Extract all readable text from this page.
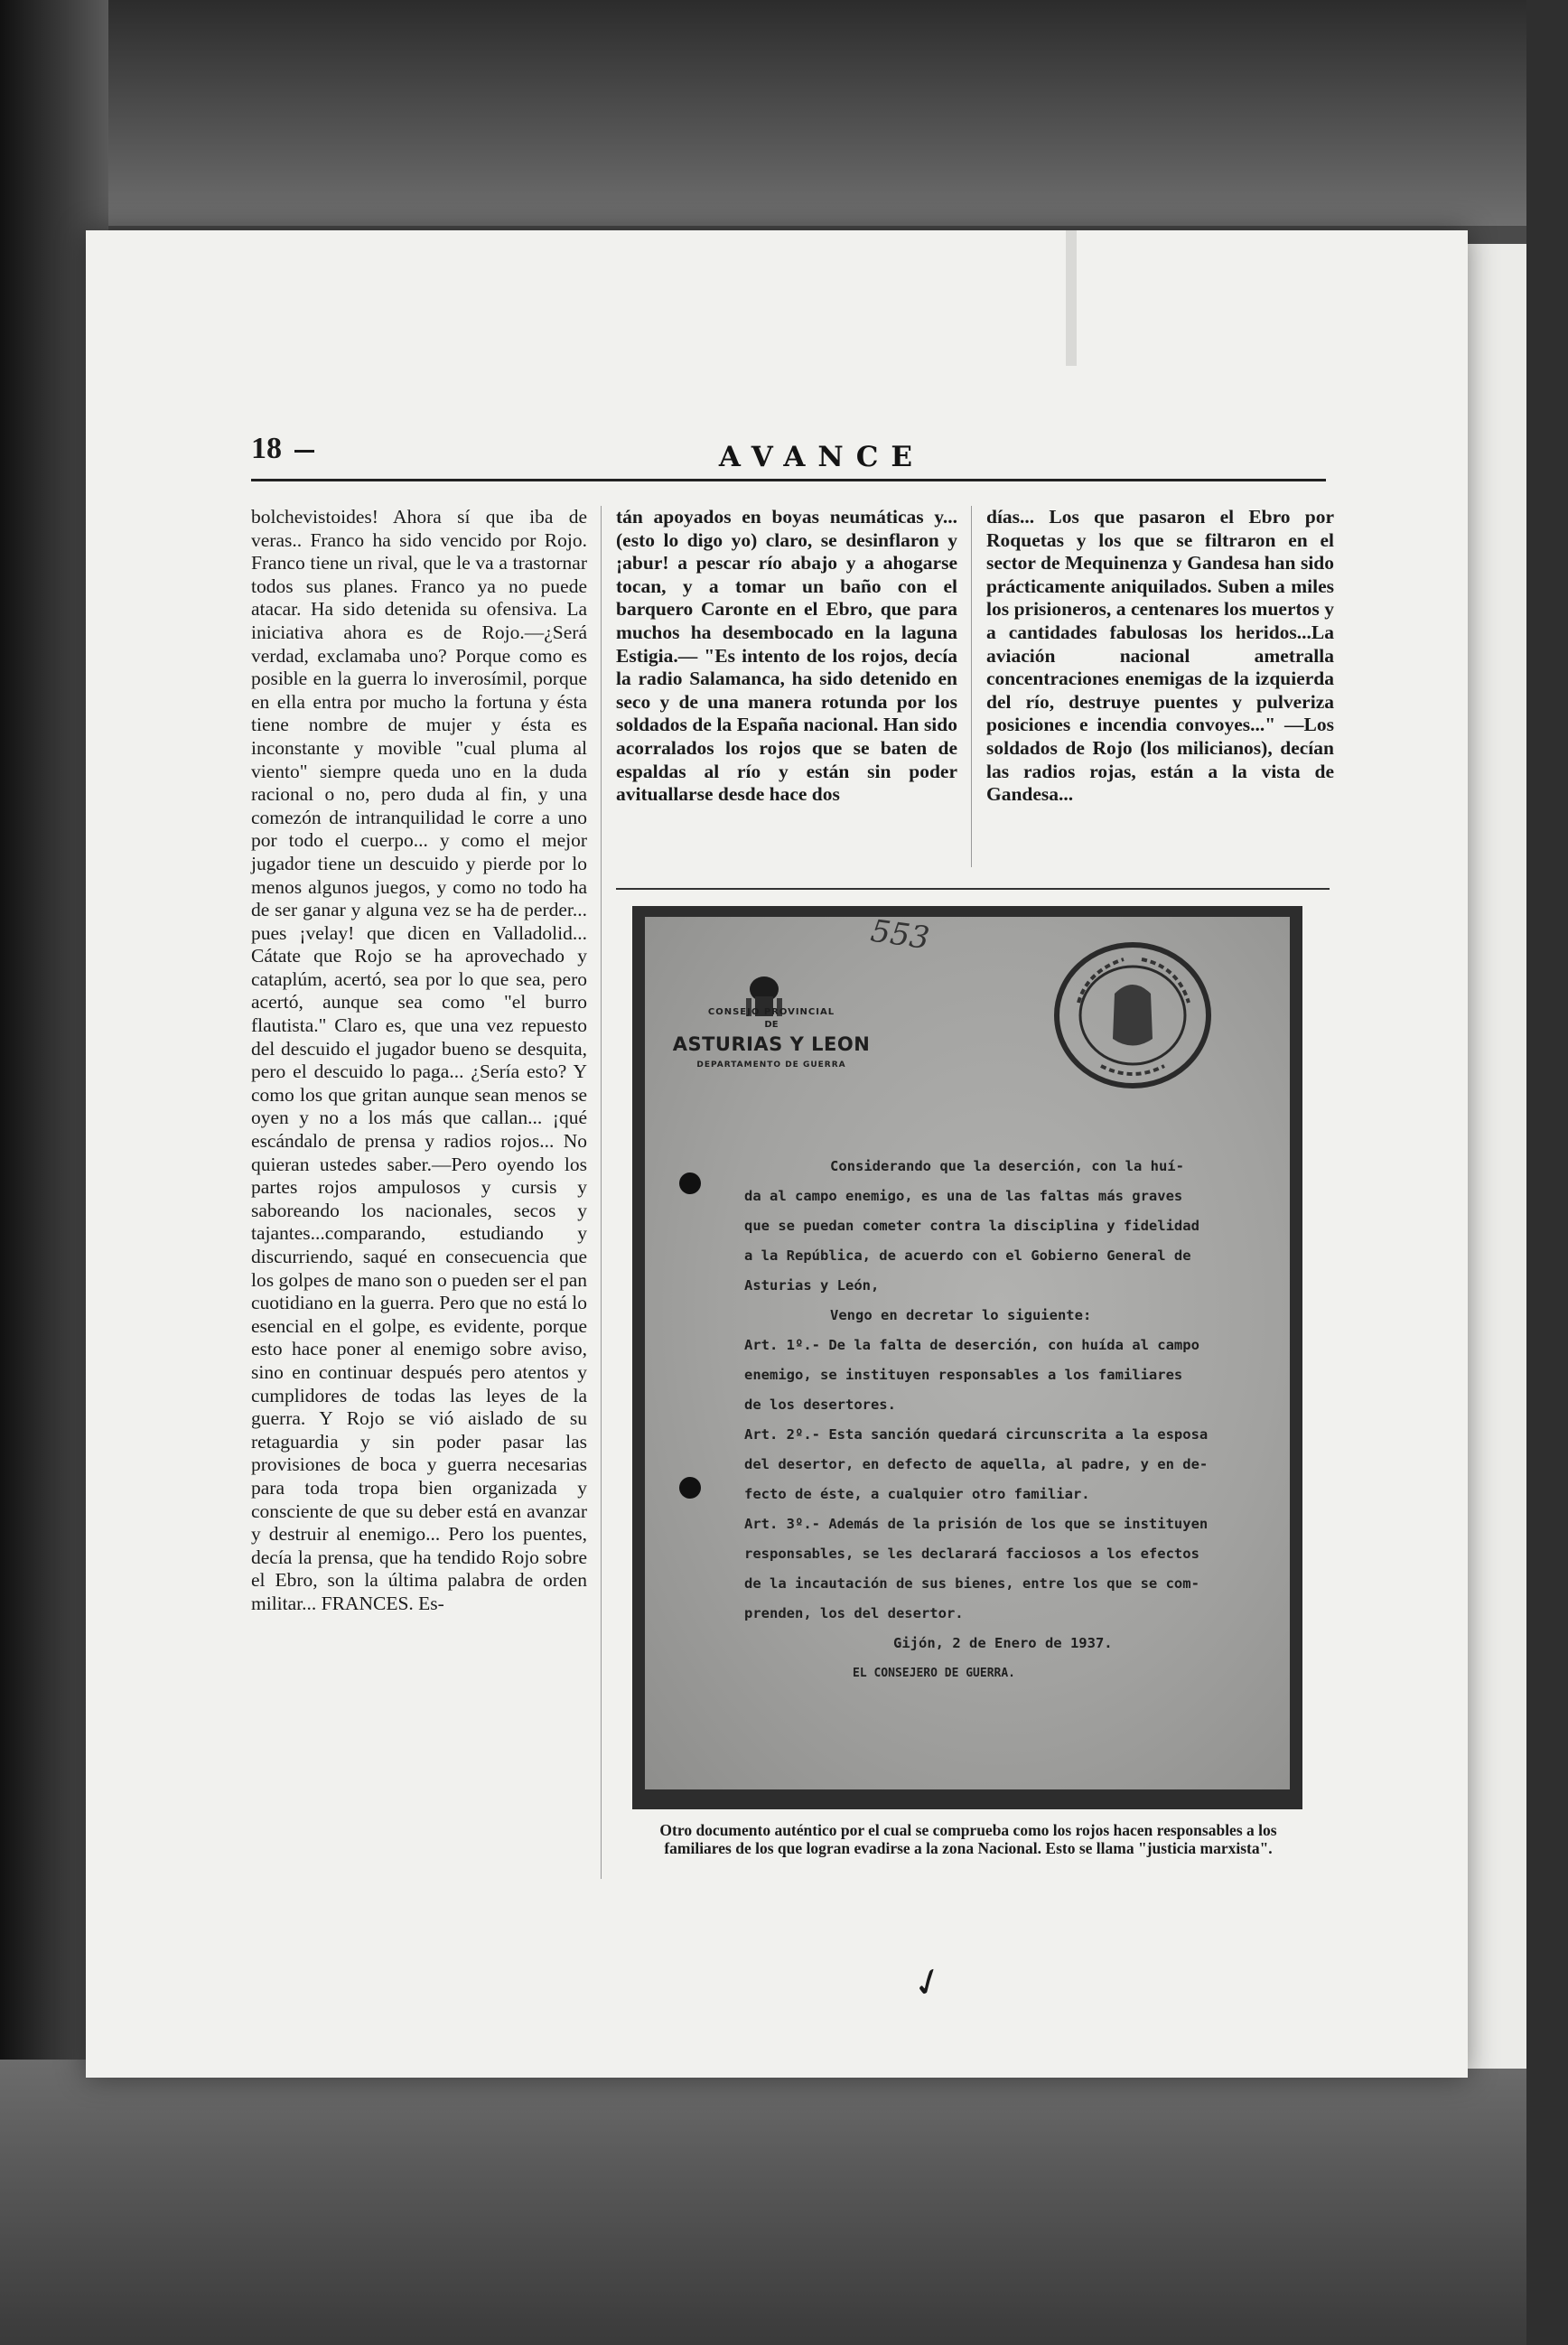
18	AVANCE

bolchevistoides! Ahora sí que iba de veras.. Franco ha sido vencido por Rojo. Franco tiene un rival, que le va a trastornar todos sus planes. Franco ya no puede atacar. Ha sido detenida su ofensiva. La iniciativa ahora es de Rojo.—¿Será verdad, exclamaba uno? Porque como es posible en la guerra lo inverosímil, porque en ella entra por mucho la fortuna y ésta tiene nombre de mujer y ésta es inconstante y movible "cual pluma al viento" siempre queda uno en la duda racional o no, pero duda al fin, y una comezón de intranquilidad le corre a uno por todo el cuerpo... y como el mejor jugador tiene un descuido y pierde por lo menos algunos juegos, y como no todo ha de ser ganar y alguna vez se ha de perder... pues ¡velay! que dicen en Valladolid... Cátate que Rojo se ha aprovechado y cataplúm, acertó, sea por lo que sea, pero acertó, aunque sea como "el burro flautista." Claro es, que una vez repuesto del descuido el jugador bueno se desquita, pero el descuido lo paga... ¿Sería esto? Y como los que gritan aunque sean menos se oyen y no a los más que callan... ¡qué escándalo de prensa y radios rojos... No quieran ustedes saber.—Pero oyendo los partes rojos ampulosos y cursis y saboreando los nacionales, secos y tajantes...comparando, estudiando y discurriendo, saqué en consecuencia que los golpes de mano son o pueden ser el pan cuotidiano en la guerra. Pero que no está lo esencial en el golpe, es evidente, porque esto hace poner al enemigo sobre aviso, sino en continuar después pero atentos y cumplidores de todas las leyes de la guerra. Y Rojo se vió aislado de su retaguardia y sin poder pasar las provisiones de boca y guerra necesarias para toda tropa bien organizada y consciente de que su deber está en avanzar y destruir al enemigo... Pero los puentes, decía la prensa, que ha tendido Rojo sobre el Ebro, son la última palabra de orden militar... FRANCES. Es-

tán apoyados en boyas neumáticas y... (esto lo digo yo) claro, se desinflaron y ¡abur! a pescar río abajo y a ahogarse tocan, y a tomar un baño con el barquero Caronte en el Ebro, que para muchos ha desembocado en la laguna Estigia.— "Es intento de los rojos, decía la radio Salamanca, ha sido detenido en seco y de una manera rotunda por los soldados de la España nacional. Han sido acorralados los rojos que se baten de espaldas al río y están sin poder avituallarse desde hace dos

días... Los que pasaron el Ebro por Roquetas y los que se filtraron en el sector de Mequinenza y Gandesa han sido prácticamente aniquilados. Suben a miles los prisioneros, a centenares los muertos y a cantidades fabulosas los heridos...La aviación nacional ametralla concentraciones enemigas de la izquierda del río, destruye puentes y pulveriza posiciones e incendia convoyes..." —Los soldados de Rojo (los milicianos), decían las radios rojas, están a la vista de Gandesa...

553
CONSEJO PROVINCIAL
DE
ASTURIAS Y LEON
DEPARTAMENTO DE GUERRA

Considerando que la deserción, con la huí-

da al campo enemigo, es una de las faltas más graves

que se puedan cometer contra la disciplina y fidelidad

a la República, de acuerdo con el Gobierno General de

Asturias y León,

Vengo en decretar lo siguiente:

Art. 1º.- De la falta de deserción, con huída al campo

enemigo, se instituyen responsables a los familiares

de los desertores.

Art. 2º.- Esta sanción quedará circunscrita a la esposa

del desertor, en defecto de aquella, al padre, y en de-

fecto de éste, a cualquier otro familiar.

Art. 3º.- Además de la prisión de los que se instituyen

responsables, se les declarará facciosos a los efectos

de la incautación de sus bienes, entre los que se com-

prenden, los del desertor.

Gijón, 2 de Enero de 1937.

EL CONSEJERO DE GUERRA.

Otro documento auténtico por el cual se comprueba como los rojos hacen responsables a los familiares de los que logran evadirse a la zona Nacional. Esto se llama "justicia marxista".

✓
